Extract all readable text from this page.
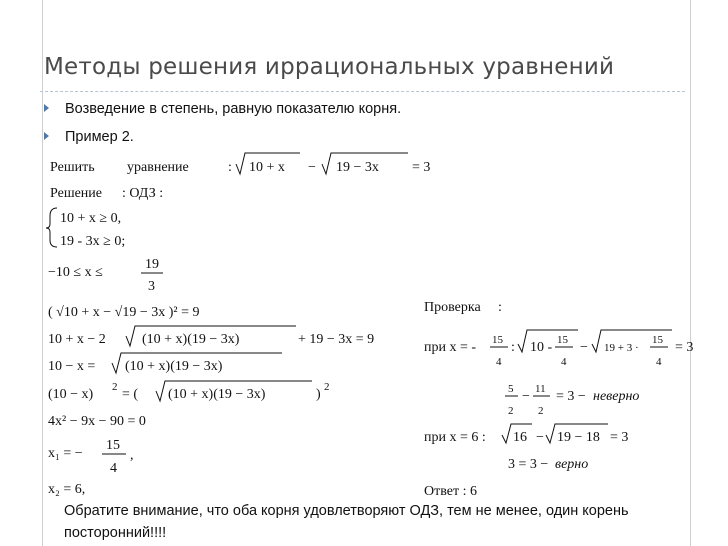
Методы решения иррациональных уравнений
Возведение в степень, равную показателю корня.
Пример 2.
Решить уравнение	: 10 + x − 19 − 3x = 3
Решение : ОДЗ :
10 + x ≥ 0,
19 - 3x ≥ 0;
−10 ≤ x ≤
19
3
( √10 + x − √19 − 3x )² = 9
10 + x − 2	(10 + x)(19 − 3x)	+ 19 − 3x = 9
10 − x = (10 + x)(19 − 3x)
(10 − x) 2 = ( (10 + x)(19 − 3x)	) 2
4x² − 9x − 90 = 0
x₁ = −
15
4
,
x₂ = 6,
Проверка :
при x = - 15
4
: 10 - 15
4
− 19 + 3 ·
15
4
= 3
5
2
− 11
2
= 3 − неверно
при x = 6 : 16 − 19 − 18 = 3
3 = 3 − верно
Ответ : 6
Обратите внимание, что оба корня удовлетворяют ОДЗ, тем не менее, один корень посторонний!!!!
